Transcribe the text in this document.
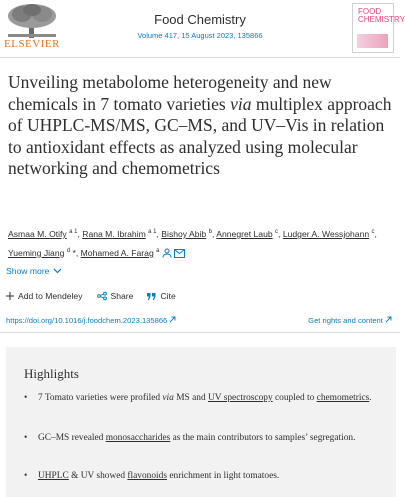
ELSEVIER
Food Chemistry
Volume 417, 15 August 2023, 135866
FOOD
CHEMISTRY
Unveiling metabolome heterogeneity and new chemicals in 7 tomato varieties via multiplex approach of UHPLC-MS/MS, GC–MS, and UV–Vis in relation to antioxidant effects as analyzed using molecular networking and chemometrics
Asmaa M. Otify $^{a 1}$, Rana M. Ibrahim $^{a 1}$, Bishoy Abib $^b$, Annegret Laub $^c$, Ludger A. Wessjohann $^c$,
Yueming Jiang $^d$ *, Mohamed A. Farag $^a$
Show more
Add to Mendeley	Share	Cite
https://doi.org/10.1016/j.foodchem.2023.135866	Get rights and content
Highlights
•	7 Tomato varieties were profiled via MS and UV spectroscopy coupled to chemometrics.
•	GC–MS revealed monosaccharides as the main contributors to samples’ segregation.
•	UHPLC & UV showed flavonoids enrichment in light tomatoes.
